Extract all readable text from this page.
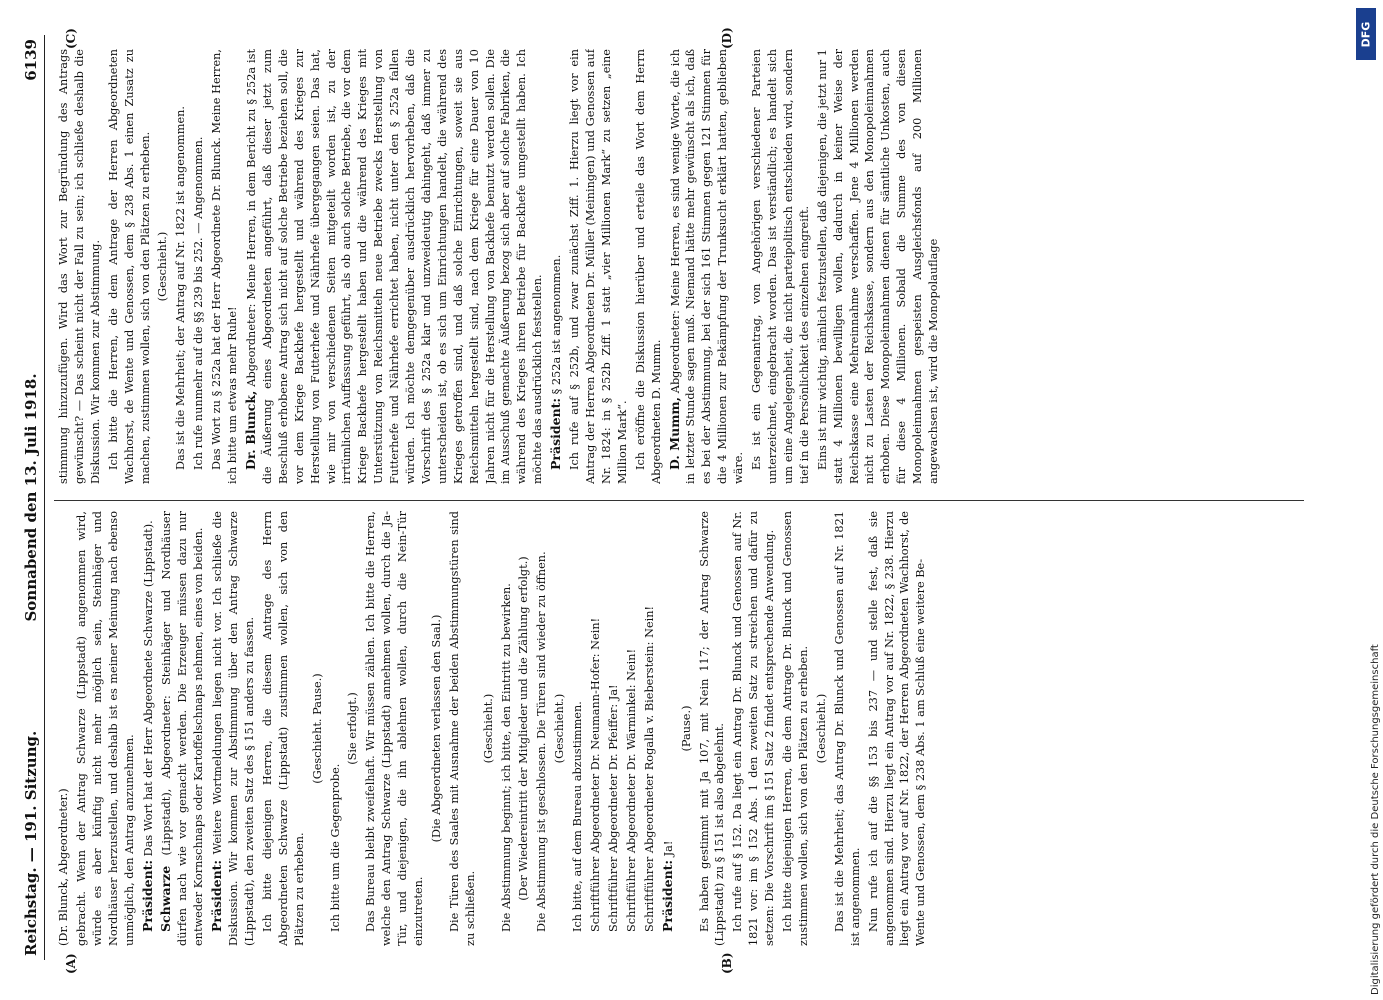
Reichstag. — 191. Sitzung.
Sonnabend den 13. Juli 1918.
6139
(A)	(B)
(C)	(D)

(Dr. Blunck, Abgeordneter.) gebracht. Wenn der Antrag Schwarze (Lippstadt) angenommen wird, würde es aber künftig nicht mehr möglich sein, Steinhäger und Nordhäuser herzustellen, und deshalb ist es meiner Meinung nach ebenso unmöglich, den Antrag anzunehmen. Präsident: Das Wort hat der Herr Abgeordnete Schwarze (Lippstadt).

Schwarze (Lippstadt), Abgeordneter: Steinhäger und Nordhäuser dürfen nach wie vor gemacht werden. Die Erzeuger müssen dazu nur entweder Kornschnaps oder Kartoffelschnaps nehmen, eines von beiden. Präsident: Weitere Wortmeldungen liegen nicht vor. Ich schließe die Diskussion. Wir kommen zur Abstimmung über den Antrag Schwarze (Lippstadt), den zweiten Satz des § 151 anders zu fassen. Ich bitte diejenigen Herren, die diesem Antrage des Herrn Abgeordneten Schwarze (Lippstadt) zustimmen wollen, sich von den Plätzen zu erheben.

(Geschieht. Pause.)

Ich bitte um die Gegenprobe.

(Sie erfolgt.) Das Bureau bleibt zweifelhaft. Wir müssen zählen. Ich bitte die Herren, welche den Antrag Schwarze (Lippstadt) annehmen wollen, durch die Ja-Tür, und diejenigen, die ihn ablehnen wollen, durch die Nein-Tür einzutreten.

(Die Abgeordneten verlassen den Saal.) Die Türen des Saales mit Ausnahme der beiden Abstimmungstüren sind zu schließen.

(Geschieht.) Die Abstimmung beginnt; ich bitte, den Eintritt zu bewirken. (Der Wiedereintritt der Mitglieder und die Zählung erfolgt.) Die Abstimmung ist geschlossen. Die Türen sind wieder zu öffnen. (Geschieht.) Ich bitte, auf dem Bureau abzustimmen. Schriftführer Abgeordneter Dr. Neumann-Hofer: Nein! Schriftführer Abgeordneter Dr. Pfeiffer: Ja! Schriftführer Abgeordneter Dr. Wärminkel: Nein! Schriftführer Abgeordneter Rogalla v. Bieberstein: Nein! Präsident: Ja!

(Pause.) Es haben gestimmt mit Ja 107, mit Nein 117; der Antrag Schwarze (Lippstadt) zu § 151 ist also abgelehnt. Ich rufe auf § 152. Da liegt ein Antrag Dr. Blunck und Genossen auf Nr. 1821 vor: im § 152 Abs. 1 den zweiten Satz zu streichen und dafür zu setzen: Die Vorschrift im § 151 Satz 2 findet entsprechende Anwendung. Ich bitte diejenigen Herren, die dem Antrage Dr. Blunck und Genossen zustimmen wollen, sich von den Plätzen zu erheben. (Geschieht.) Das ist die Mehrheit; das Antrag Dr. Blunck und Genossen auf Nr. 1821 ist angenommen. Nun rufe ich auf die §§ 153 bis 237 — und stelle fest, daß sie angenommen sind. Hierzu liegt ein Antrag vor auf Nr. 1822, § 238. Hierzu liegt ein Antrag vor auf Nr. 1822, der Herren Abgeordneten Wachhorst, de Wente und Genossen, dem § 238 Abs. 1 am Schluß eine weitere Be-

stimmung hinzuzufügen. Wird das Wort zur Begründung des Antrags gewünscht? — Das scheint nicht der Fall zu sein; ich schließe deshalb die Diskussion. Wir kommen zur Abstimmung. Ich bitte die Herren, die dem Antrage der Herren Abgeordneten Wachhorst, de Wente und Genossen, dem § 238 Abs. 1 einen Zusatz zu machen, zustimmen wollen, sich von den Plätzen zu erheben. (Geschieht.) Das ist die Mehrheit; der Antrag auf Nr. 1822 ist angenommen. Ich rufe nunmehr auf die §§ 239 bis 252. — Angenommen. Das Wort zu § 252a hat der Herr Abgeordnete Dr. Blunck. Meine Herren, ich bitte um etwas mehr Ruhe! Dr. Blunck, Abgeordneter: Meine Herren, in dem Bericht zu § 252a ist die Äußerung eines Abgeordneten angeführt, daß dieser jetzt zum Beschluß erhobene Antrag sich nicht auf solche Betriebe beziehen soll, die vor dem Kriege Backhefe hergestellt und während des Krieges zur Herstellung von Futterhefe und Nährhefe übergegangen seien. Das hat, wie mir von verschiedenen Seiten mitgeteilt worden ist, zu der irrtümlichen Auffassung geführt, als ob auch solche Betriebe, die vor dem Kriege Backhefe hergestellt haben und die während des Krieges mit Unterstützung von Reichsmitteln neue Betriebe zwecks Herstellung von Futterhefe und Nährhefe errichtet haben, nicht unter den § 252a fallen würden. Ich möchte demgegenüber ausdrücklich hervorheben, daß die Vorschrift des § 252a klar und unzweideutig dahingeht, daß immer zu unterscheiden ist, ob es sich um Einrichtungen handelt, die während des Krieges getroffen sind, und daß solche Einrichtungen, soweit sie aus Reichsmitteln hergestellt sind, nach dem Kriege für eine Dauer von 10 Jahren nicht für die Herstellung von Backhefe benutzt werden sollen. Die im Ausschuß gemachte Äußerung bezog sich aber auf solche Fabriken, die während des Krieges ihren Betriebe für Backhefe umgestellt haben. Ich möchte das ausdrücklich feststellen. Präsident: § 252a ist angenommen. Ich rufe auf § 252b, und zwar zunächst Ziff. 1. Hierzu liegt vor ein Antrag der Herren Abgeordneten Dr. Müller (Meiningen) und Genossen auf Nr. 1824: in § 252b Ziff. 1 statt „vier Millionen Mark“ zu setzen „eine Million Mark“. Ich eröffne die Diskussion hierüber und erteile das Wort dem Herrn Abgeordneten D. Mumm. D. Mumm, Abgeordneter: Meine Herren, es sind wenige Worte, die ich in letzter Stunde sagen muß. Niemand hätte mehr gewünscht als ich, daß es bei der Abstimmung, bei der sich 161 Stimmen gegen 121 Stimmen für die 4 Millionen zur Bekämpfung der Trunksucht erklärt hatten, geblieben wäre. Es ist ein Gegenantrag, von Angehörigen verschiedener Parteien unterzeichnet, eingebracht worden. Das ist verständlich; es handelt sich um eine Angelegenheit, die nicht parteipolitisch entschieden wird, sondern tief in die Persönlichkeit des einzelnen eingreift. Eins ist mir wichtig, nämlich festzustellen, daß diejenigen, die jetzt nur 1 statt 4 Millionen bewilligen wollen, dadurch in keiner Weise der Reichskasse eine Mehreinnahme verschaffen. Jene 4 Millionen werden nicht zu Lasten der Reichskasse, sondern aus den Monopoleinnahmen erhoben. Diese Monopoleinnahmen dienen für sämtliche Unkosten, auch für diese 4 Millionen. Sobald die Summe des von diesen Monopoleinnahmen gespeisten Ausgleichsfonds auf 200 Millionen angewachsen ist, wird die Monopolauflage

DFG
Digitalisierung gefördert durch die Deutsche Forschungsgemeinschaft
